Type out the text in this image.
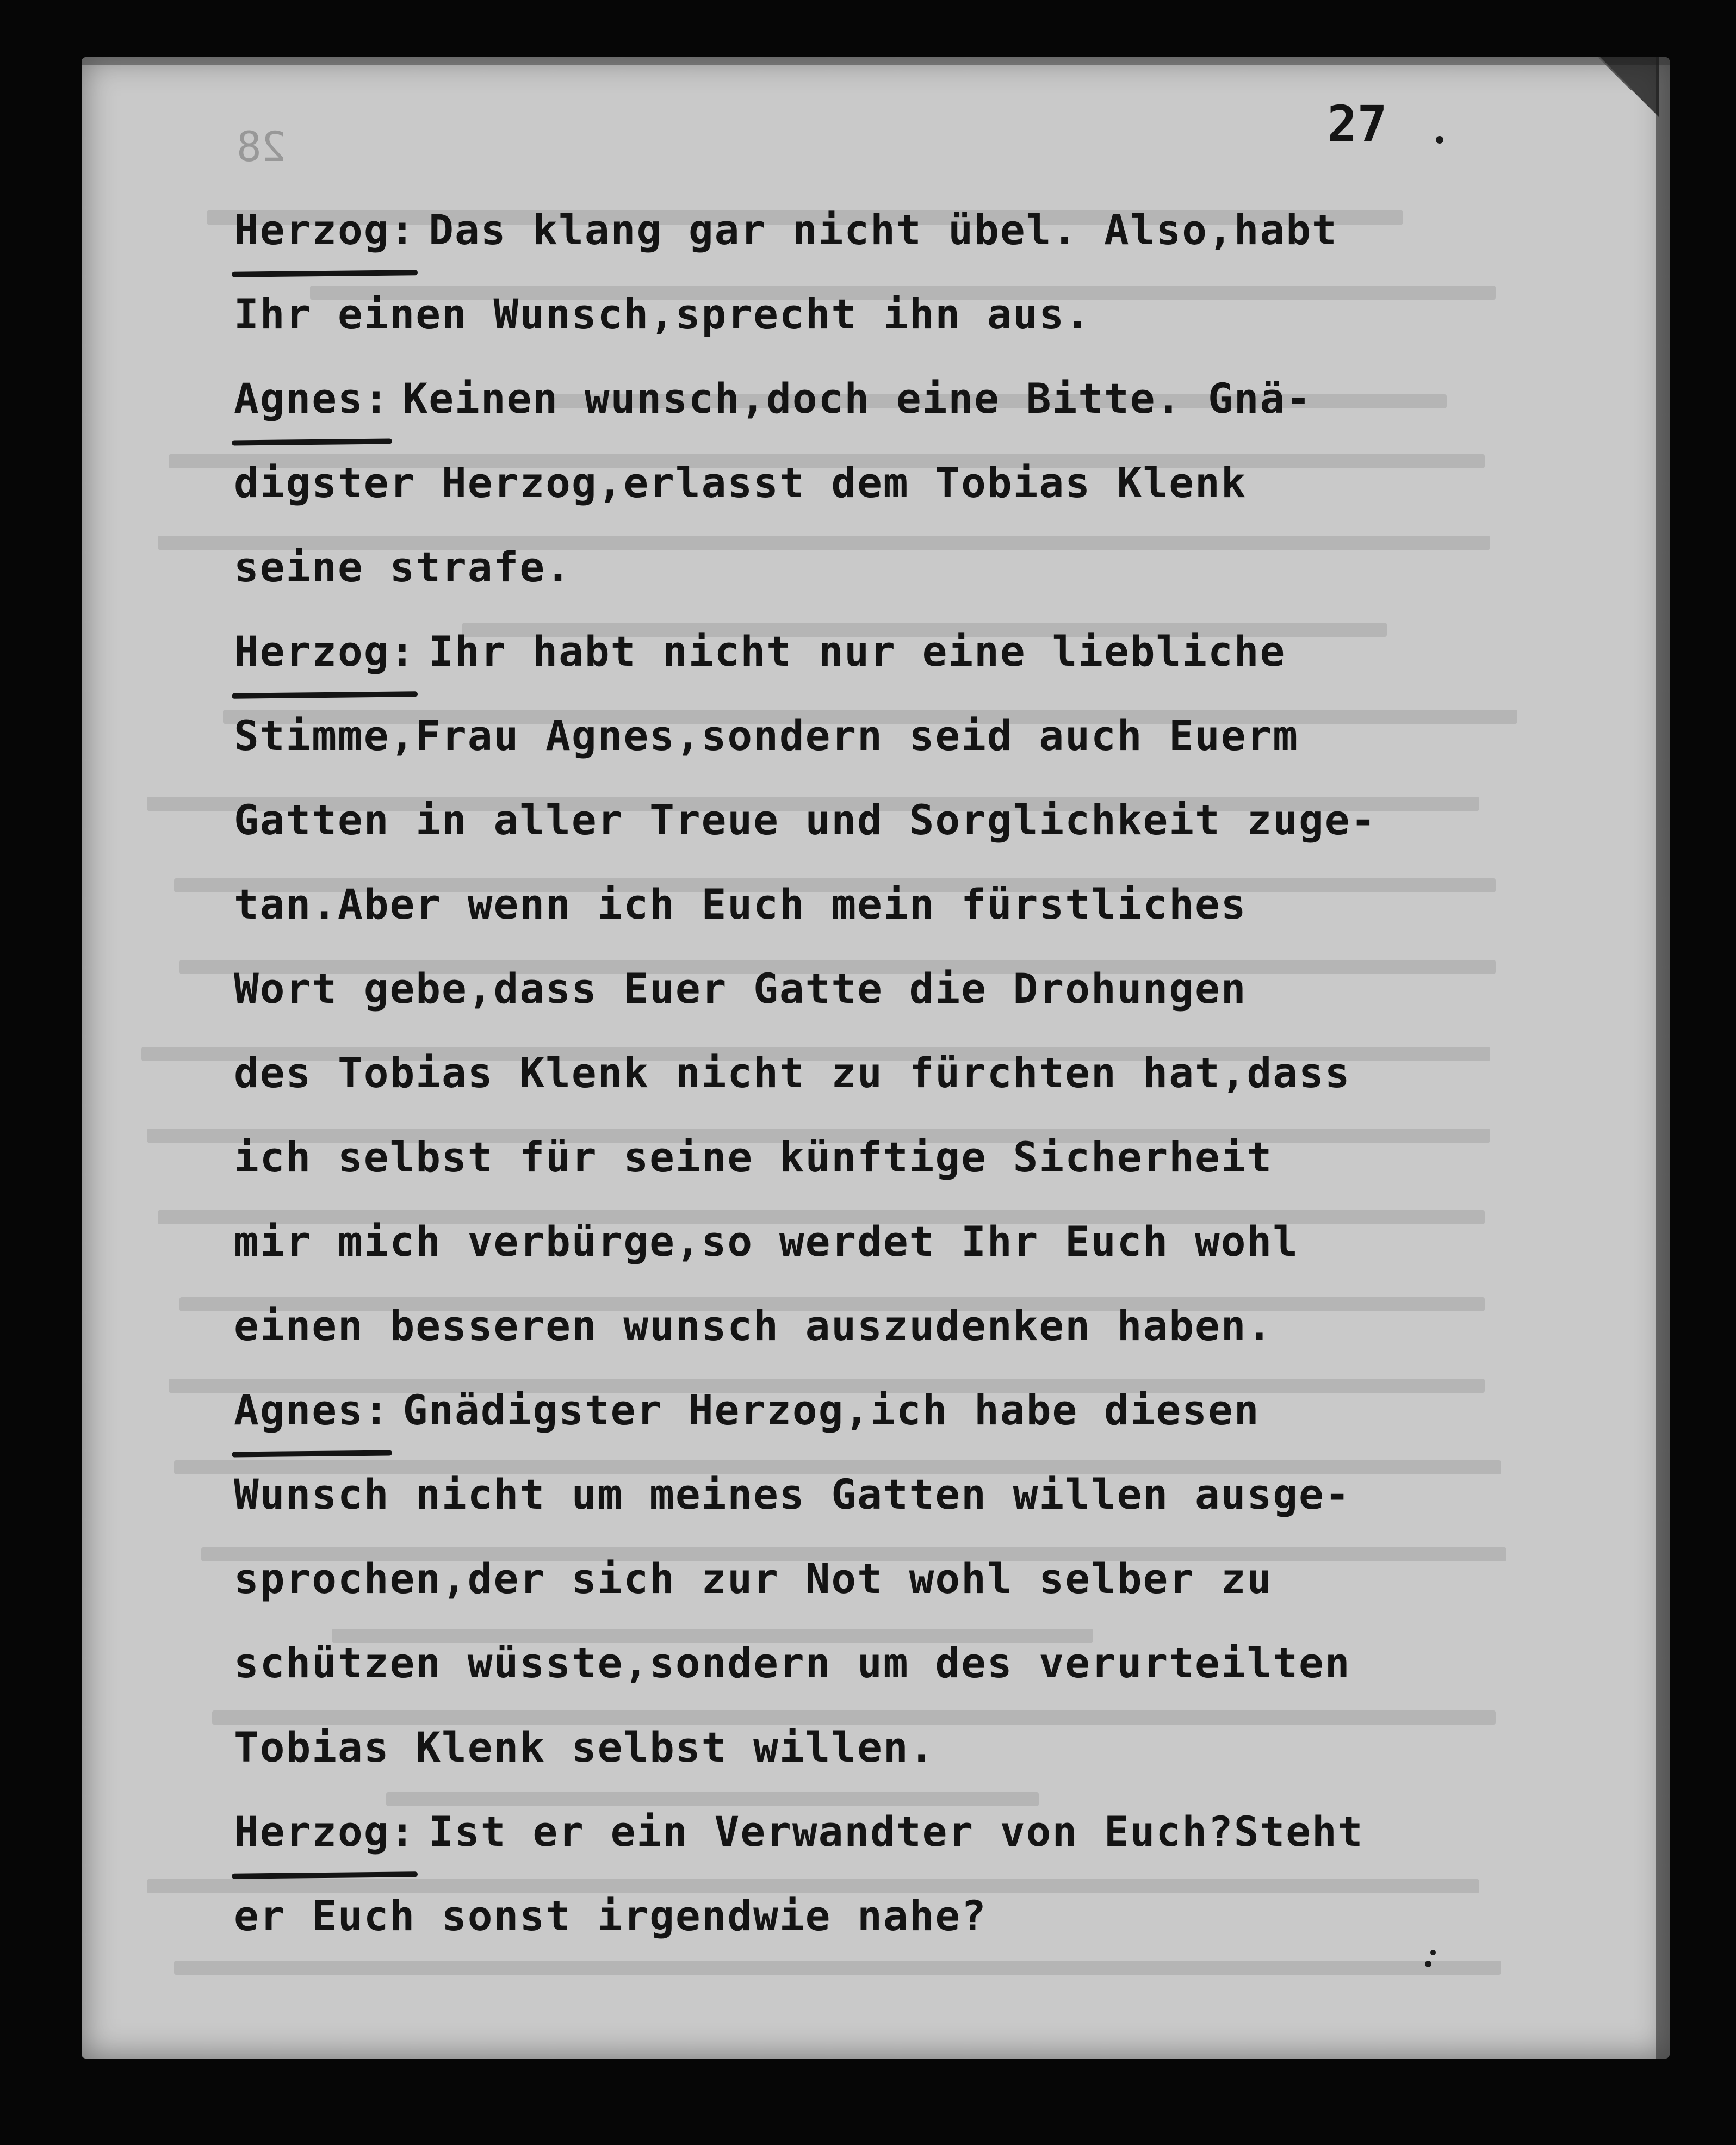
28	27
Herzog: Das klang gar nicht übel. Also,habt
Ihr einen Wunsch,sprecht ihn aus.
Agnes: Keinen wunsch,doch eine Bitte. Gnä-
digster Herzog,erlasst dem Tobias Klenk
seine strafe.
Herzog: Ihr habt nicht nur eine liebliche
Stimme,Frau Agnes,sondern seid auch Euerm
Gatten in aller Treue und Sorglichkeit zuge-
tan.Aber wenn ich Euch mein fürstliches
Wort gebe,dass Euer Gatte die Drohungen
des Tobias Klenk nicht zu fürchten hat,dass
ich selbst für seine künftige Sicherheit
mir mich verbürge,so werdet Ihr Euch wohl
einen besseren wunsch auszudenken haben.
Agnes: Gnädigster Herzog,ich habe diesen
Wunsch nicht um meines Gatten willen ausge-
sprochen,der sich zur Not wohl selber zu
schützen wüsste,sondern um des verurteilten
Tobias Klenk selbst willen.
Herzog: Ist er ein Verwandter von Euch?Steht
er Euch sonst irgendwie nahe?
